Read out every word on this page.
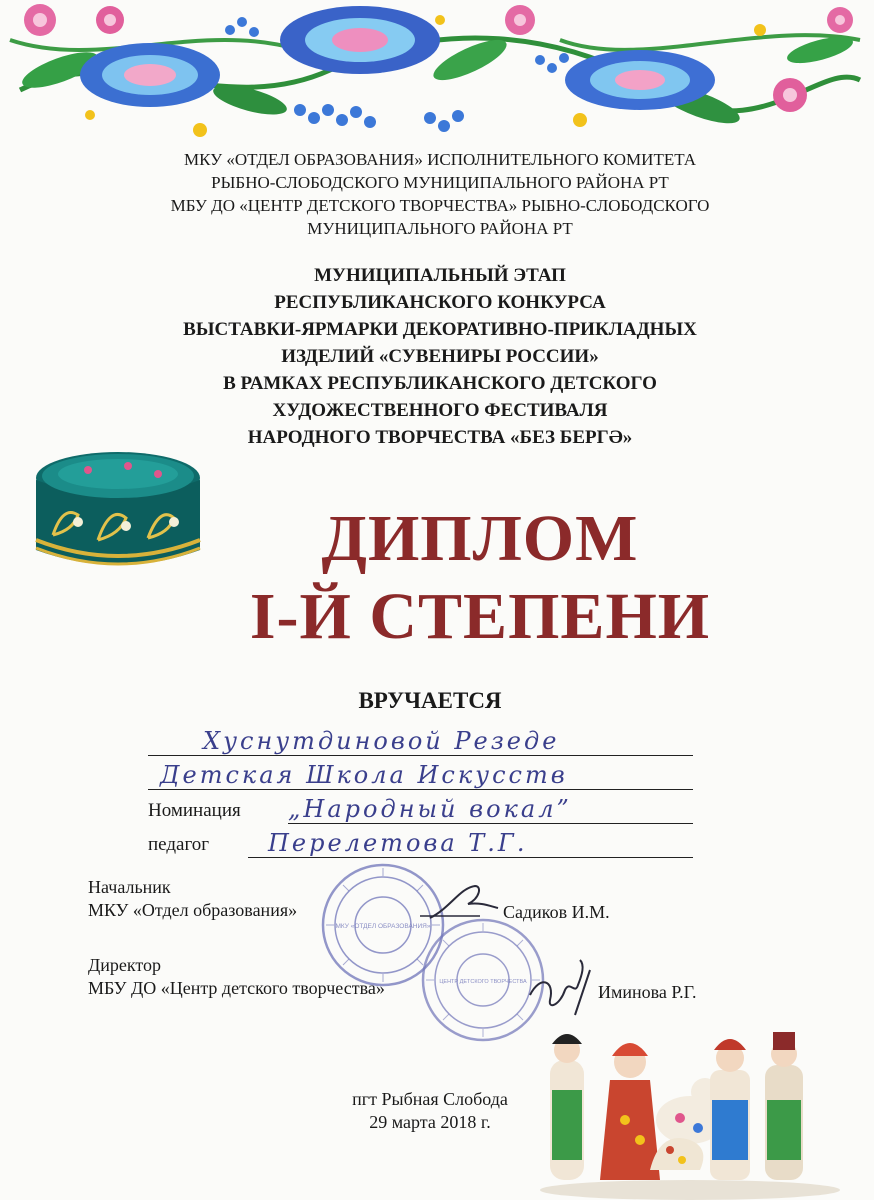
МКУ «ОТДЕЛ ОБРАЗОВАНИЯ» ИСПОЛНИТЕЛЬНОГО КОМИТЕТА
РЫБНО-СЛОБОДСКОГО МУНИЦИПАЛЬНОГО РАЙОНА РТ
МБУ ДО «ЦЕНТР ДЕТСКОГО ТВОРЧЕСТВА» РЫБНО-СЛОБОДСКОГО
МУНИЦИПАЛЬНОГО РАЙОНА РТ
МУНИЦИПАЛЬНЫЙ ЭТАП
РЕСПУБЛИКАНСКОГО КОНКУРСА
ВЫСТАВКИ-ЯРМАРКИ ДЕКОРАТИВНО-ПРИКЛАДНЫХ
ИЗДЕЛИЙ «СУВЕНИРЫ РОССИИ»
В РАМКАХ РЕСПУБЛИКАНСКОГО ДЕТСКОГО
ХУДОЖЕСТВЕННОГО ФЕСТИВАЛЯ
НАРОДНОГО ТВОРЧЕСТВА «БЕЗ БЕРГӘ»
ДИПЛОМ
I-Й СТЕПЕНИ
ВРУЧАЕТСЯ
Хуснутдиновой Резеде
Детская Школа Искусств
Номинация „Народный вокал”
педагог Перелетова Т.Г.
МКУ «ОТДЕЛ ОБРАЗОВАНИЯ»
ЦЕНТР ДЕТСКОГО ТВОРЧЕСТВА
Начальник
МКУ «Отдел образования»	Садиков И.М.
Директор
МБУ ДО «Центр детского творчества»	Иминова Р.Г.
пгт Рыбная Слобода
29 марта 2018 г.
